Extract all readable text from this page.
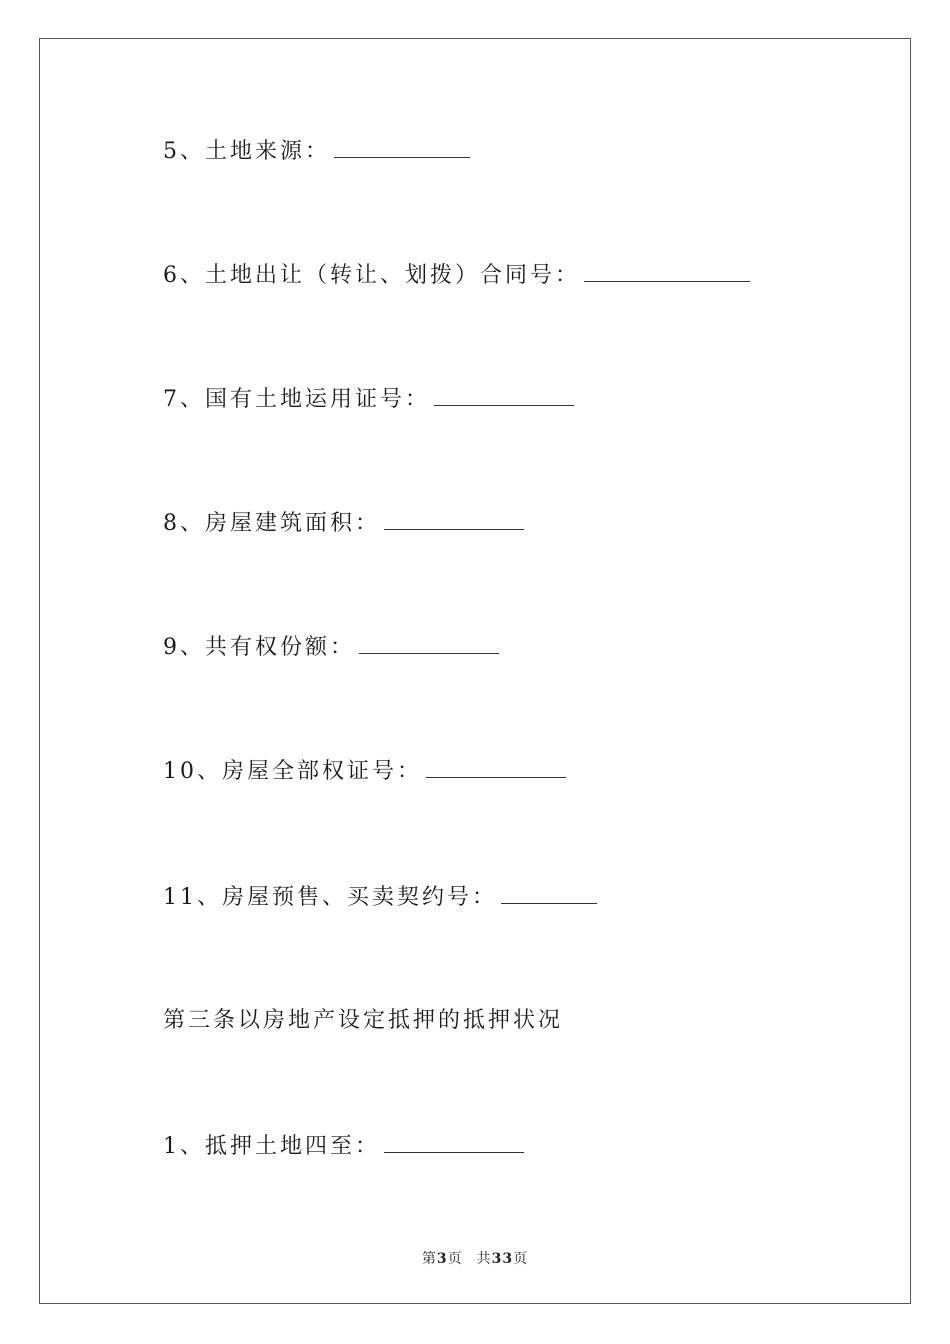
5、土地来源：
6、土地出让（转让、划拨）合同号：
7、国有土地运用证号：
8、房屋建筑面积：
9、共有权份额：
10、房屋全部权证号：
11、房屋预售、买卖契约号：
第三条以房地产设定抵押的抵押状况
1、抵押土地四至：
第3页 共33页
